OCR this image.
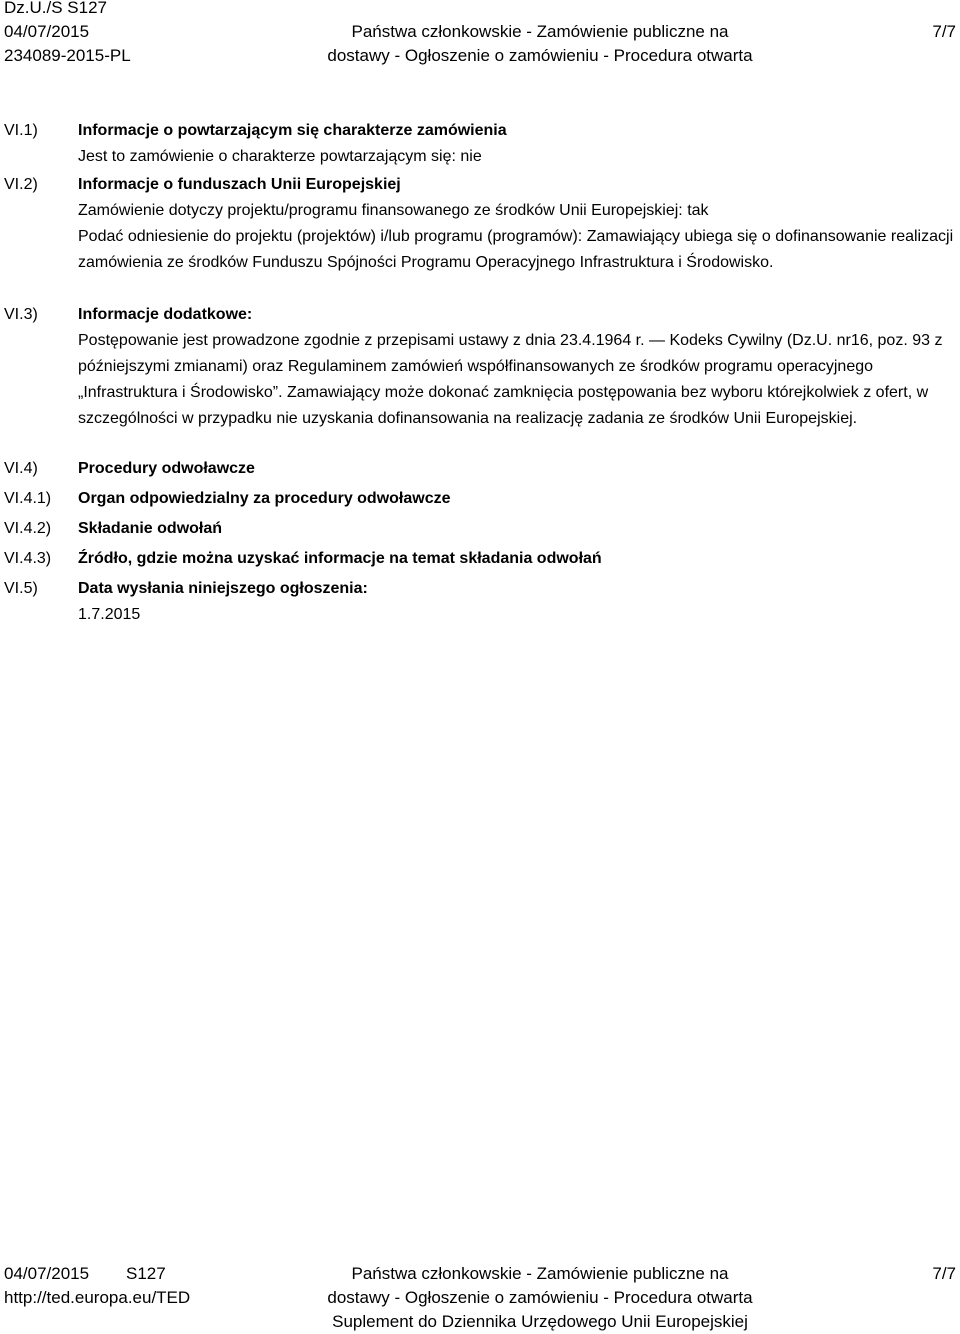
Dz.U./S S127
04/07/2015
234089-2015-PL
Państwa członkowskie - Zamówienie publiczne na
dostawy - Ogłoszenie o zamówieniu - Procedura otwarta
7/7
VI.1)
VI.2)
VI.3)
VI.4)
VI.4.1)
VI.4.2)
VI.4.3)
VI.5)

Informacje o powtarzającym się charakterze zamówienia

Jest to zamówienie o charakterze powtarzającym się: nie

Informacje o funduszach Unii Europejskiej

Zamówienie dotyczy projektu/programu finansowanego ze środków Unii Europejskiej: tak

Podać odniesienie do projektu (projektów) i/lub programu (programów): Zamawiający ubiega się o dofinansowanie realizacji zamówienia ze środków Funduszu Spójności Programu Operacyjnego Infrastruktura i Środowisko.

Informacje dodatkowe:

Postępowanie jest prowadzone zgodnie z przepisami ustawy z dnia 23.4.1964 r. — Kodeks Cywilny (Dz.U. nr16, poz. 93 z późniejszymi zmianami) oraz Regulaminem zamówień współfinansowanych ze środków programu operacyjnego „Infrastruktura i Środowisko”. Zamawiający może dokonać zamknięcia postępowania bez wyboru którejkolwiek z ofert, w szczególności w przypadku nie uzyskania dofinansowania na realizację zadania ze środków Unii Europejskiej.

Procedury odwoławcze

Organ odpowiedzialny za procedury odwoławcze

Składanie odwołań

Źródło, gdzie można uzyskać informacje na temat składania odwołań

Data wysłania niniejszego ogłoszenia:

1.7.2015

04/07/2015 S127
http://ted.europa.eu/TED
Państwa członkowskie - Zamówienie publiczne na
dostawy - Ogłoszenie o zamówieniu - Procedura otwarta
Suplement do Dziennika Urzędowego Unii Europejskiej
7/7
